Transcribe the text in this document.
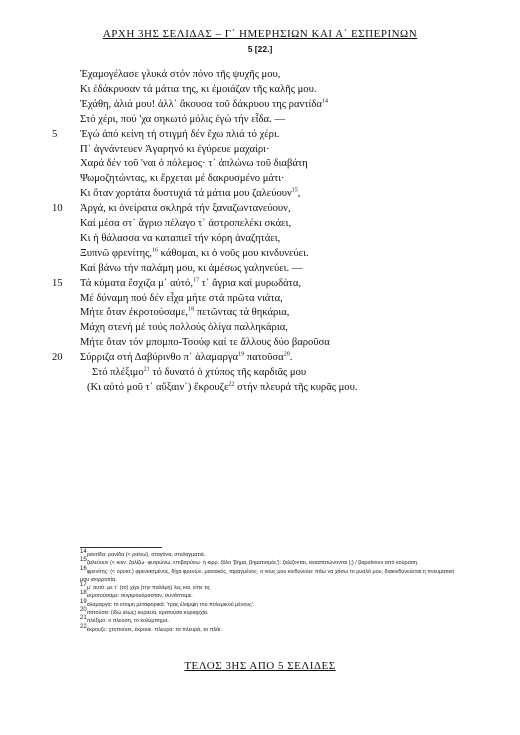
ΑΡΧΗ 3ΗΣ ΣΕΛΙΔΑΣ – Γ΄ ΗΜΕΡΗΣΙΩΝ ΚΑΙ Α΄ ΕΣΠΕΡΙΝΩΝ
5 [22.]
Ἐχαμογέλασε γλυκά στόν πόνο τῆς ψυχῆς μου,
Κι ἐδάκρυσαν τά μάτια της, κι ἐμοιάζαν τῆς καλῆς μου.
Ἐχάθη, ἀλιά μου! ἀλλ᾽ ἄκουσα τοῦ δάκρυου της ραντίδα$^{14}$
Στό χέρι, πού 'χα σηκωτό μόλις ἐγώ τήν εἶδα. —
5	Ἐγώ ἀπό κείνη τή στιγμή δέν ἔχω πλιά τό χέρι.
Π᾽ ἀγνάντευεν Ἀγαρηνό κι ἐγύρευε μαχαίρι·
Χαρά δέν τοῦ 'ναι ὁ πόλεμος· τ᾽ ἁπλώνω τοῦ διαβάτη
Ψωμοζητώντας, κι ἔρχεται μέ δακρυσμένο μάτι·
Κι ὅταν χορτάτα δυστυχιά τά μάτια μου ζαλεύουν$^{15}$,
10	Ἀργά, κι ὀνείρατα σκληρά τήν ξαναζωντανεύουν,
Καί μέσα στ᾽ ἄγριο πέλαγο τ᾽ ἀστροπελέκι σκάει,
Κι ἡ θάλασσα να καταπιεῖ τήν κόρη ἀναζητάει,
Ξυπνῶ φρενίτης,$^{16}$ κάθομαι, κι ὁ νοῦς μου κινδυνεύει.
Καί βάνω τήν παλάμη μου, κι ἀμέσως γαληνεύει. —
15	Τά κύματα ἔσχιζα μ᾽ αὐτό,$^{17}$ τ᾽ ἄγρια καί μυρωδάτα,
Μέ δύναμη πού δέν εἶχα μήτε στά πρῶτα νιάτα,
Μήτε ὅταν ἐκροτούσαμε,$^{18}$ πετῶντας τά θηκάρια,
Μάχη στενή μέ τούς πολλούς ὀλίγα παλληκάρια,
Μήτε ὅταν τόν μπομπο-Τσούφ καί τε ἄλλους δύο βαροῦσα
20	Σύρριζα στή Δαβύρινθο π᾽ ἀλαμαργα$^{19}$ πατοῦσα$^{20}$.
Στό πλέξιμο$^{21}$ τό δυνατό ὁ χτύπος τῆς καρδιᾶς μου
(Κι αὐτό μοῦ τ᾽ αὔξαιν᾽) ἔκρουζε$^{22}$ στήν πλευρά τῆς κυρᾶς μου.
$^{14}$ραντίδα: ρανίδα (< ραίνω), σταγόνα, σταλαγματιά.
$^{15}$ζαλεύουν (< κοιν. ζαλίζω· φυτρώνω, επιβαρύνω· ή κιρρ. ζάλο 'βήμα, βηματισμός'): ζαλίζονται, αναστατώνονται (;) / βαραίνουν από κούραση.
$^{16}$φρενίτης: (< ορυκτ.) φρενιασμένος, δίχα φρενών, μανιακός, ταραγμένος· ο νους μου κινδυνεύει: πάω να χάσω το μυαλό μου, διακινδυνεύεται η πνευματική μου ισορροπία.
$^{17}$μ᾽ αυτό: με τ᾽ (το) χέρι (την παλάμη) λες και, είπε τις
$^{18}$εκροτούσαμε: συγκρουόμασταν, συνάπταμε.
$^{19}$αλαμαργα: το ετοιμη μεταφορικά: 'τρας έλαμψη του πολεμικού μένους'.
$^{20}$πατούσα: (ιδώ ιιλως) κυρίευα, κρατούσα κυριαρχία.
$^{21}$πλέξιμο: ο πλεύση, το κολύμπημα.
$^{22}$έκρουζε: χτυπούσε, έκρουε· πλευρα: τα πλευρά, το πλάι.
ΤΕΛΟΣ 3ΗΣ ΑΠΟ 5 ΣΕΛΙΔΕΣ
